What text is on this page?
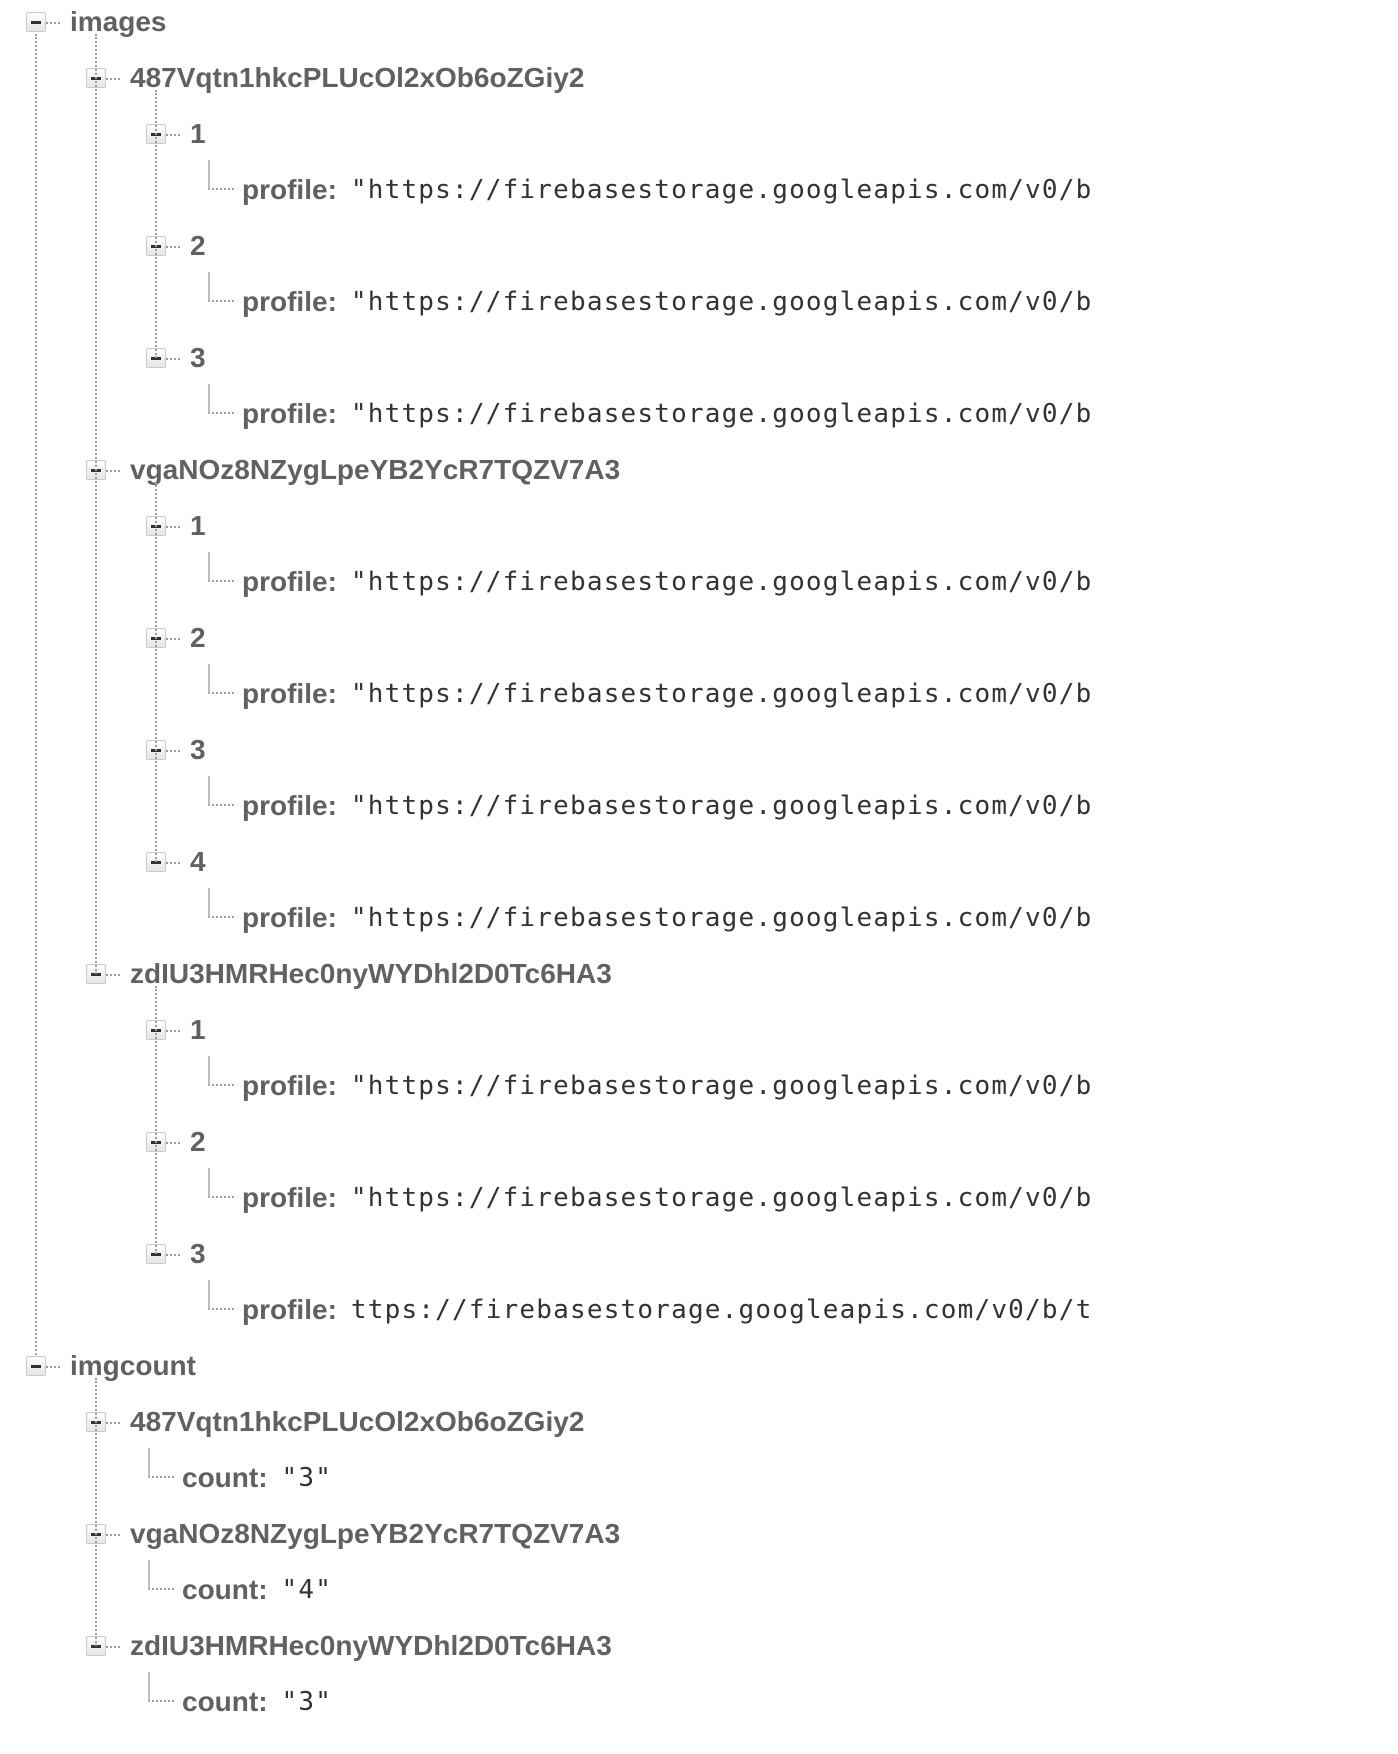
images
487Vqtn1hkcPLUcOl2xOb6oZGiy2
1
profile: "https://firebasestorage.googleapis.com/v0/b
2
profile: "https://firebasestorage.googleapis.com/v0/b
3
profile: "https://firebasestorage.googleapis.com/v0/b
vgaNOz8NZygLpeYB2YcR7TQZV7A3
1
profile: "https://firebasestorage.googleapis.com/v0/b
2
profile: "https://firebasestorage.googleapis.com/v0/b
3
profile: "https://firebasestorage.googleapis.com/v0/b
4
profile: "https://firebasestorage.googleapis.com/v0/b
zdIU3HMRHec0nyWYDhl2D0Tc6HA3
1
profile: "https://firebasestorage.googleapis.com/v0/b
2
profile: "https://firebasestorage.googleapis.com/v0/b
3
profile: ttps://firebasestorage.googleapis.com/v0/b/t
imgcount
487Vqtn1hkcPLUcOl2xOb6oZGiy2
count: "3"
vgaNOz8NZygLpeYB2YcR7TQZV7A3
count: "4"
zdIU3HMRHec0nyWYDhl2D0Tc6HA3
count: "3"
